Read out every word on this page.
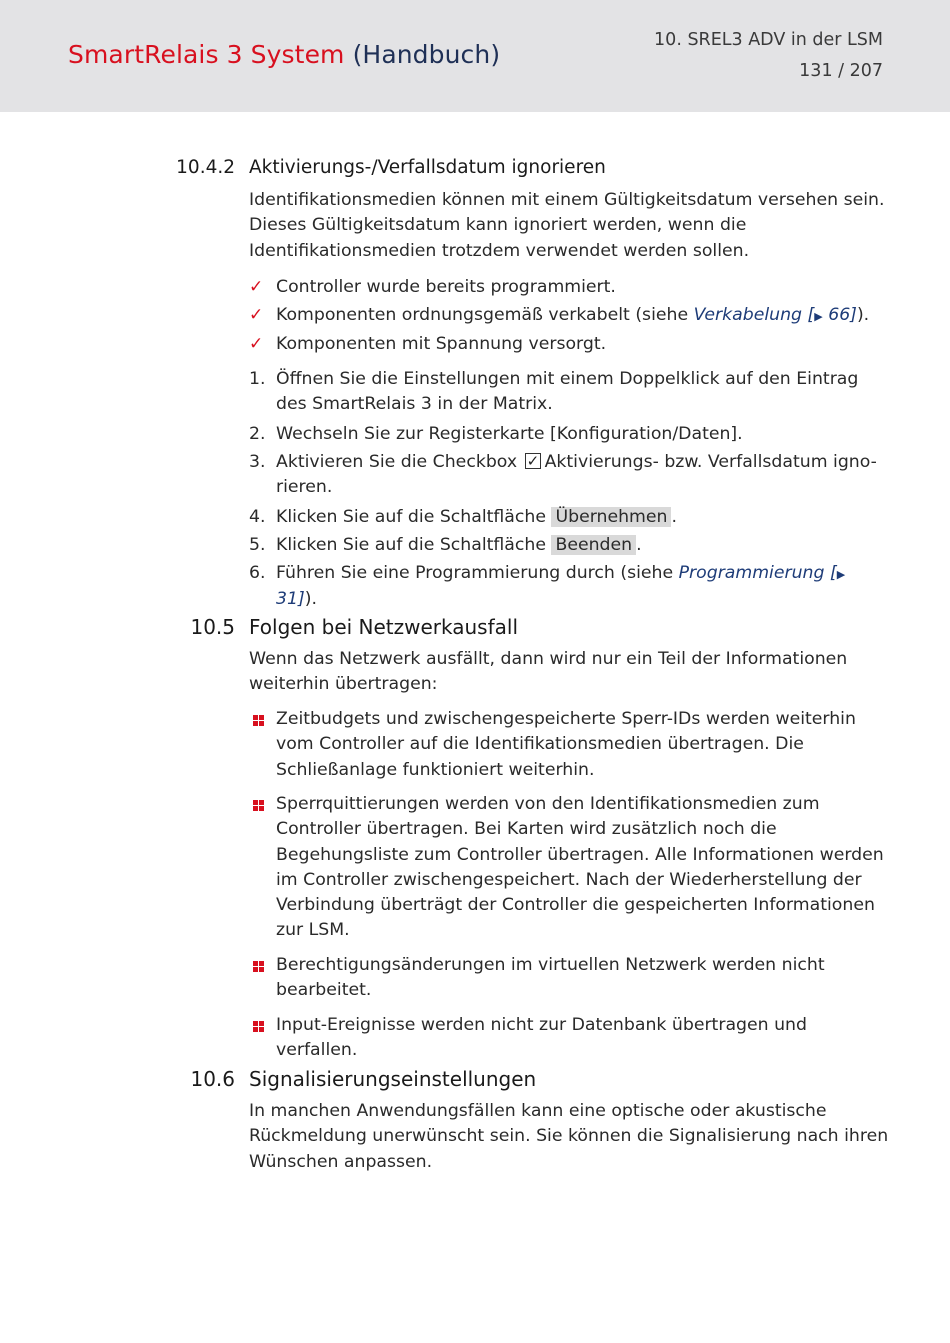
SmartRelais 3 System (Handbuch)	10. SREL3 ADV in der LSM
131 / 207
10.4.2 Aktivierungs-/Verfallsdatum ignorieren
Identifikationsmedien können mit einem Gültigkeitsdatum versehen sein. Dieses Gültigkeitsdatum kann ignoriert werden, wenn die Identifikationsmedien trotzdem verwendet werden sollen.
✓ Controller wurde bereits programmiert.
✓ Komponenten ordnungsgemäß verkabelt (siehe Verkabelung [▶ 66]).
✓ Komponenten mit Spannung versorgt.
1. Öffnen Sie die Einstellungen mit einem Doppelklick auf den Eintrag des SmartRelais 3 in der Matrix.
2. Wechseln Sie zur Registerkarte [Konfiguration/Daten].
3. Aktivieren Sie die Checkbox ✓ Aktivierungs- bzw. Verfallsdatum igno-rieren.
4. Klicken Sie auf die Schaltfläche Übernehmen .
5. Klicken Sie auf die Schaltfläche Beenden .
6. Führen Sie eine Programmierung durch (siehe Programmierung [▶ 31]).
10.5 Folgen bei Netzwerkausfall
Wenn das Netzwerk ausfällt, dann wird nur ein Teil der Informationen weiterhin übertragen:
Zeitbudgets und zwischengespeicherte Sperr-IDs werden weiterhin vom Controller auf die Identifikationsmedien übertragen. Die Schließanlage funktioniert weiterhin.
Sperrquittierungen werden von den Identifikationsmedien zum Controller übertragen. Bei Karten wird zusätzlich noch die Begehungsliste zum Controller übertragen. Alle Informationen werden im Controller zwischengespeichert. Nach der Wiederherstellung der Verbindung überträgt der Controller die gespeicherten Informationen zur LSM.
Berechtigungsänderungen im virtuellen Netzwerk werden nicht bearbeitet.
Input-Ereignisse werden nicht zur Datenbank übertragen und verfallen.
10.6 Signalisierungseinstellungen
In manchen Anwendungsfällen kann eine optische oder akustische Rückmeldung unerwünscht sein. Sie können die Signalisierung nach ihren Wünschen anpassen.
